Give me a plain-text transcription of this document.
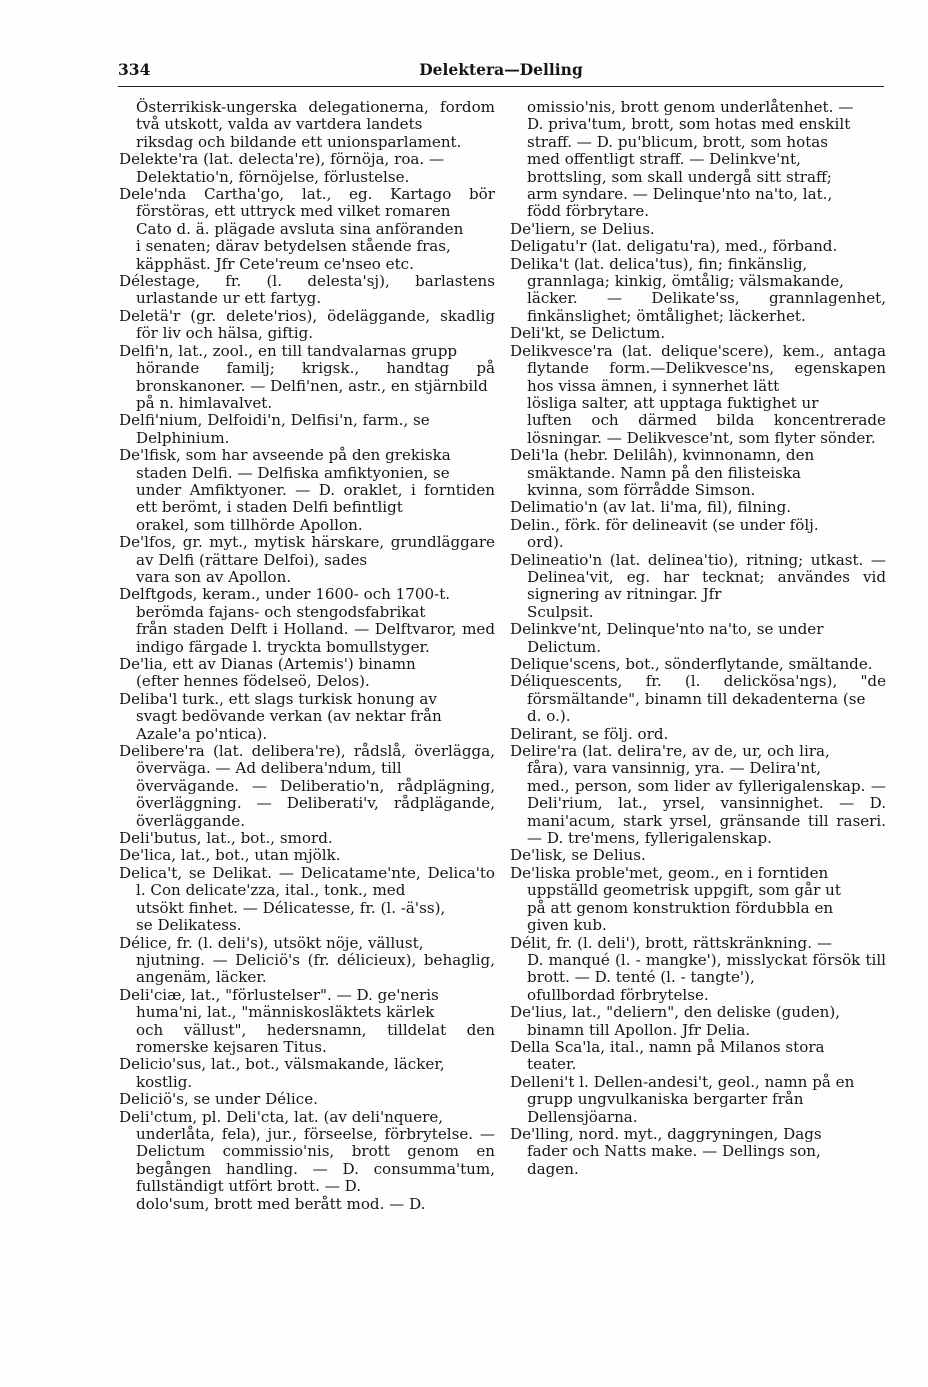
334	Delektera—Delling

Österrikisk-ungerska delegationerna, fordom två utskott, valda av vartdera landets
riksdag och bildande ett unionsparlament.

Delekte'ra (lat. delecta're), förnöja, roa. —
Delektatio'n, förnöjelse, förlustelse.

Dele'nda Cartha'go, lat., eg. Kartago bör förstöras, ett uttryck med vilket romaren
Cato d. ä. plägade avsluta sina anföranden
i senaten; därav betydelsen stående fras,
käpphäst. Jfr Cete'reum ce'nseo etc.

Délestage, fr. (l. delesta'sj), barlastens urlastande ur ett fartyg.

Deletä'r (gr. delete'rios), ödeläggande, skadlig för liv och hälsa, giftig.

Delfi'n, lat., zool., en till tandvalarnas grupp
hörande familj; krigsk., handtag på bronskanoner. — Delfi'nen, astr., en stjärnbild
på n. himlavalvet.

Delfi'nium, Delfoidi'n, Delfisi'n, farm., se
Delphinium.

De'lfisk, som har avseende på den grekiska
staden Delfi. — Delfiska amfiktyonien, se
under Amfiktyoner. — D. oraklet, i forntiden ett berömt, i staden Delfi befintligt
orakel, som tillhörde Apollon.

De'lfos, gr. myt., mytisk härskare, grundläggare av Delfi (rättare Delfoi), sades
vara son av Apollon.

Delftgods, keram., under 1600- och 1700-t.
berömda fajans- och stengodsfabrikat
från staden Delft i Holland. — Delftvaror, med indigo färgade l. tryckta bomullstyger.

De'lia, ett av Dianas (Artemis') binamn
(efter hennes födelseö, Delos).

Deliba'l turk., ett slags turkisk honung av
svagt bedövande verkan (av nektar från
Azale'a po'ntica).

Delibere'ra (lat. delibera're), rådslå, överlägga, överväga. — Ad delibera'ndum, till
övervägande. — Deliberatio'n, rådplägning, överläggning. — Deliberati'v, rådplägande, överläggande.

Deli'butus, lat., bot., smord.

De'lica, lat., bot., utan mjölk.

Delica't, se Delikat. — Delicatame'nte, Delica'to l. Con delicate'zza, ital., tonk., med
utsökt finhet. — Délicatesse, fr. (l. -ä'ss),
se Delikatess.

Délice, fr. (l. deli's), utsökt nöje, vällust,
njutning. — Deliciö's (fr. délicieux), behaglig, angenäm, läcker.

Deli'ciæ, lat., "förlustelser". — D. ge'neris
huma'ni, lat., "människosläktets kärlek
och vällust", hedersnamn, tilldelat den romerske kejsaren Titus.

Delicio'sus, lat., bot., välsmakande, läcker,
kostlig.

Deliciö's, se under Délice.

Deli'ctum, pl. Deli'cta, lat. (av deli'nquere,
underlåta, fela), jur., förseelse, förbrytelse. — Delictum commissio'nis, brott genom en begången handling. — D. consumma'tum, fullständigt utfört brott. — D.
dolo'sum, brott med berått mod. — D.

omissio'nis, brott genom underlåtenhet. —
D. priva'tum, brott, som hotas med enskilt
straff. — D. pu'blicum, brott, som hotas
med offentligt straff. — Delinkve'nt,
brottsling, som skall undergå sitt straff;
arm syndare. — Delinque'nto na'to, lat.,
född förbrytare.

De'liern, se Delius.

Deligatu'r (lat. deligatu'ra), med., förband.

Delika't (lat. delica'tus), fin; finkänslig,
grannlaga; kinkig, ömtålig; välsmakande,
läcker. — Delikate'ss, grannlagenhet, finkänslighet; ömtålighet; läckerhet.

Deli'kt, se Delictum.

Delikvesce'ra (lat. delique'scere), kem., antaga flytande form.—Delikvesce'ns, egenskapen hos vissa ämnen, i synnerhet lätt
lösliga salter, att upptaga fuktighet ur
luften och därmed bilda koncentrerade lösningar. — Delikvesce'nt, som flyter sönder.

Deli'la (hebr. Delilâh), kvinnonamn, den
smäktande. Namn på den filisteiska
kvinna, som förrådde Simson.

Delimatio'n (av lat. li'ma, fil), filning.

Delin., förk. för delineavit (se under följ.
ord).

Delineatio'n (lat. delinea'tio), ritning; utkast. — Delinea'vit, eg. har tecknat; användes vid signering av ritningar. Jfr
Sculpsit.

Delinkve'nt, Delinque'nto na'to, se under
Delictum.

Delique'scens, bot., sönderflytande, smältande.

Déliquescents, fr. (l. delickösa'ngs), "de försmältande", binamn till dekadenterna (se
d. o.).

Delirant, se följ. ord.

Delire'ra (lat. delira're, av de, ur, och lira,
fåra), vara vansinnig, yra. — Delira'nt,
med., person, som lider av fyllerigalenskap. — Deli'rium, lat., yrsel, vansinnighet. — D. mani'acum, stark yrsel, gränsande till raseri. — D. tre'mens, fyllerigalenskap.

De'lisk, se Delius.

De'liska proble'met, geom., en i forntiden
uppställd geometrisk uppgift, som går ut
på att genom konstruktion fördubbla en
given kub.

Délit, fr. (l. deli'), brott, rättskränkning. —
D. manqué (l. - mangke'), misslyckat försök till brott. — D. tenté (l. - tangte'),
ofullbordad förbrytelse.

De'lius, lat., "deliern", den deliske (guden),
binamn till Apollon. Jfr Delia.

Della Sca'la, ital., namn på Milanos stora
teater.

Delleni't l. Dellen-andesi't, geol., namn på en
grupp ungvulkaniska bergarter från
Dellensjöarna.

De'lling, nord. myt., daggryningen, Dags
fader och Natts make. — Dellings son,
dagen.
